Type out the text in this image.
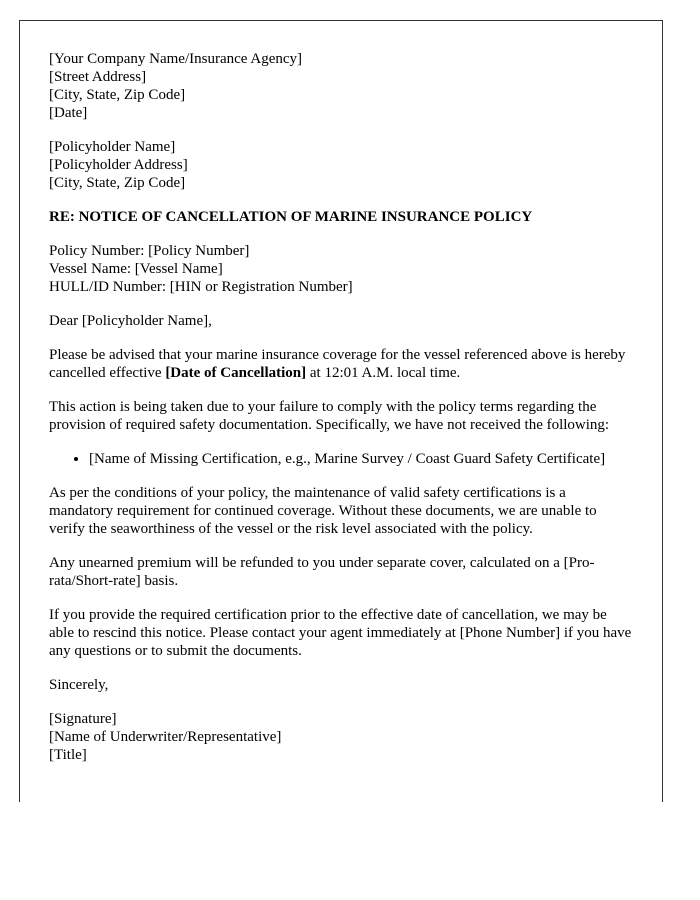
[Your Company Name/Insurance Agency]
[Street Address]
[City, State, Zip Code]
[Date]

[Policyholder Name]
[Policyholder Address]
[City, State, Zip Code]

RE: NOTICE OF CANCELLATION OF MARINE INSURANCE POLICY

Policy Number: [Policy Number]
Vessel Name: [Vessel Name]
HULL/ID Number: [HIN or Registration Number]

Dear [Policyholder Name],

Please be advised that your marine insurance coverage for the vessel referenced above is hereby cancelled effective [Date of Cancellation] at 12:01 A.M. local time.

This action is being taken due to your failure to comply with the policy terms regarding the provision of required safety documentation. Specifically, we have not received the following:

• [Name of Missing Certification, e.g., Marine Survey / Coast Guard Safety Certificate]

As per the conditions of your policy, the maintenance of valid safety certifications is a mandatory requirement for continued coverage. Without these documents, we are unable to verify the seaworthiness of the vessel or the risk level associated with the policy.

Any unearned premium will be refunded to you under separate cover, calculated on a [Pro-rata/Short-rate] basis.

If you provide the required certification prior to the effective date of cancellation, we may be able to rescind this notice. Please contact your agent immediately at [Phone Number] if you have any questions or to submit the documents.

Sincerely,

[Signature]
[Name of Underwriter/Representative]
[Title]
